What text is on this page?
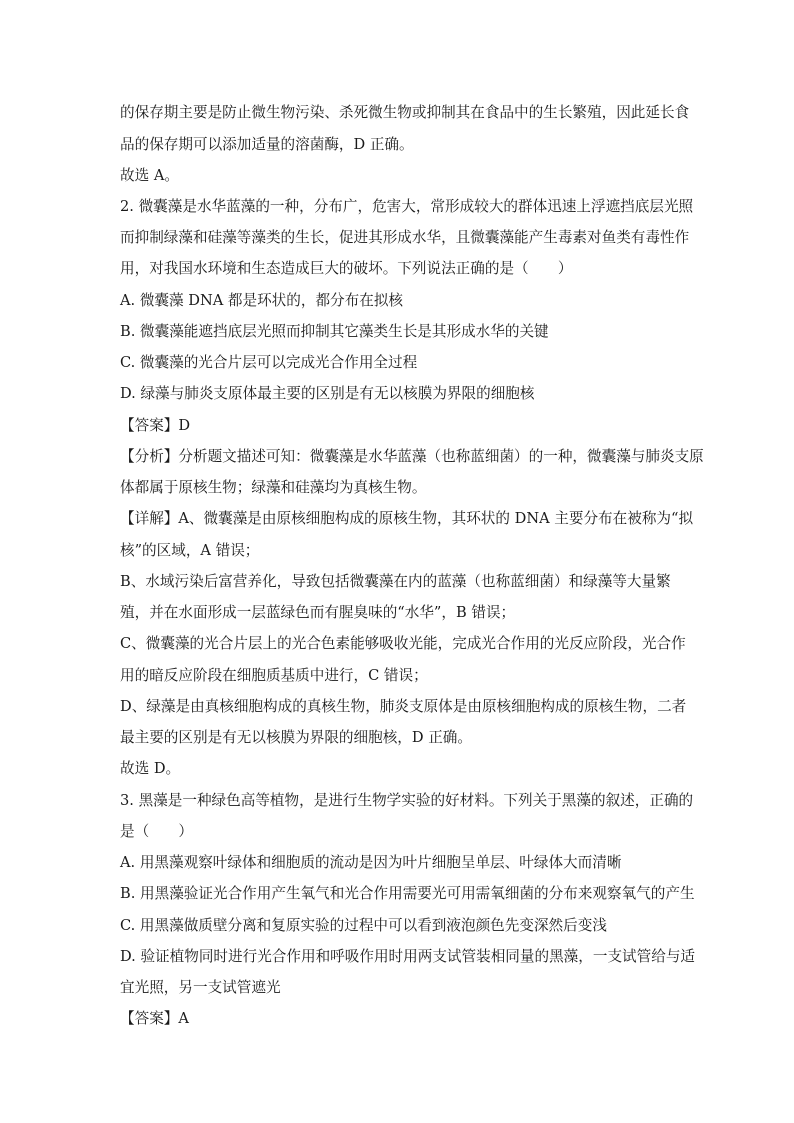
的保存期主要是防止微生物污染、杀死微生物或抑制其在食品中的生长繁殖，因此延长食
品的保存期可以添加适量的溶菌酶，D 正确。
故选 A。
2. 微囊藻是水华蓝藻的一种，分布广，危害大，常形成较大的群体迅速上浮遮挡底层光照
而抑制绿藻和硅藻等藻类的生长，促进其形成水华，且微囊藻能产生毒素对鱼类有毒性作
用，对我国水环境和生态造成巨大的破坏。下列说法正确的是（　　）
A. 微囊藻 DNA 都是环状的，都分布在拟核
B. 微囊藻能遮挡底层光照而抑制其它藻类生长是其形成水华的关键
C. 微囊藻的光合片层可以完成光合作用全过程
D. 绿藻与肺炎支原体最主要的区别是有无以核膜为界限的细胞核
【答案】D
【分析】分析题文描述可知：微囊藻是水华蓝藻（也称蓝细菌）的一种，微囊藻与肺炎支原
体都属于原核生物；绿藻和硅藻均为真核生物。
【详解】A、微囊藻是由原核细胞构成的原核生物，其环状的 DNA 主要分布在被称为“拟
核”的区域，A 错误；
B、水域污染后富营养化，导致包括微囊藻在内的蓝藻（也称蓝细菌）和绿藻等大量繁
殖，并在水面形成一层蓝绿色而有腥臭味的“水华”，B 错误；
C、微囊藻的光合片层上的光合色素能够吸收光能，完成光合作用的光反应阶段，光合作
用的暗反应阶段在细胞质基质中进行，C 错误；
D、绿藻是由真核细胞构成的真核生物，肺炎支原体是由原核细胞构成的原核生物，二者
最主要的区别是有无以核膜为界限的细胞核，D 正确。
故选 D。
3. 黑藻是一种绿色高等植物，是进行生物学实验的好材料。下列关于黑藻的叙述，正确的
是（　　）
A. 用黑藻观察叶绿体和细胞质的流动是因为叶片细胞呈单层、叶绿体大而清晰
B. 用黑藻验证光合作用产生氧气和光合作用需要光可用需氧细菌的分布来观察氧气的产生
C. 用黑藻做质壁分离和复原实验的过程中可以看到液泡颜色先变深然后变浅
D. 验证植物同时进行光合作用和呼吸作用时用两支试管装相同量的黑藻，一支试管给与适
宜光照，另一支试管遮光
【答案】A
